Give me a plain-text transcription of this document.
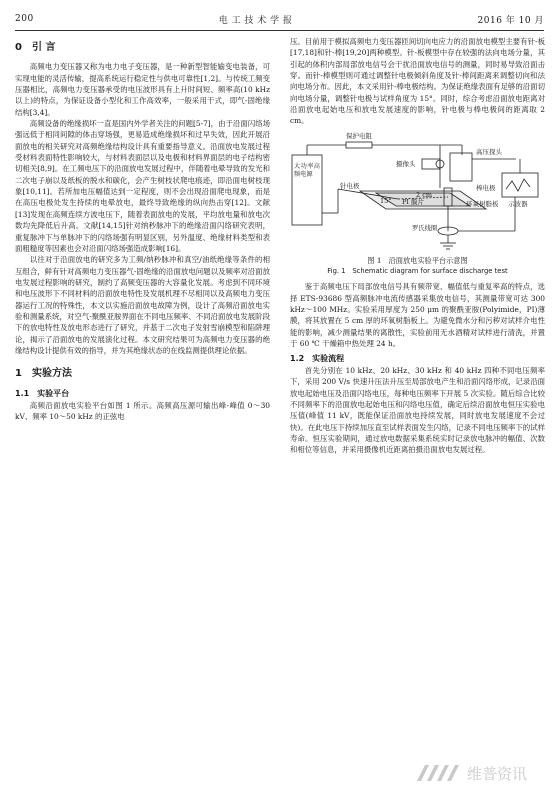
200	电 工 技 术 学 报	2016 年 10 月
0 引 言

高频电力变压器又称为电力电子变压器，是一种新型智能输变电装备，可实现电能的灵活传输，提高系统运行稳定性与供电可靠性[1,2]。与传统工频变压器相比，高频电力变压器承受的电压波形具有上升时间短、频率高(10 kHz 以上)的特点，为保证设备小型化和工作高效率，一般采用干式，即气-固绝缘结构[3,4]。

高频设备的绝缘损坏一直是国内外学者关注的问题[5-7]，由于沿面闪络场强远低于相同间隙的体击穿场强，更易造成绝缘损坏和过早失效，因此开展沿面放电的相关研究对高频绝缘结构设计具有重要指导意义。沿面放电发展过程受材料表面特性影响较大，与材料表面层以及电极和材料界面层的电子结构密切相关[8,9]。在工频电压下的沿面放电发展过程中，伴随着电晕导致的发光和二次电子崩以及纸板的脱水和碳化，会产生树枝状爬电痕迹，即沿面电树枝现象[10,11]。若所加电压幅值达到一定程度，则不会出现沿面爬电现象，而是在高压电极处发生持续的电晕放电，最终导致绝缘的纵向热击穿[12]。文献[13]发现在高频连续方波电压下，随着表面放电的发展，平均放电量和放电次数均先降低后升高。文献[14,15]针对纳秒脉冲下的绝缘沿面闪络研究表明，重复脉冲下与单脉冲下的闪络场强有明显区别，另外温度、绝缘材料类型和表面粗糙度等因素也会对沿面闪络场强造成影响[16]。

以往对于沿面放电的研究多为工频/纳秒脉冲和真空/油纸绝缘等条件的相互组合，鲜有针对高频电力变压器气-固绝缘的沿面放电问题以及频率对沿面放电发展过程影响的研究，制约了高频变压器的大容量化发展。考虑到不同环境和电压波形下不同材料的沿面放电特性及发展机理不尽相同以及高频电力变压器运行工况的特殊性，本文以实施沿面放电故障为例，设计了高频沿面放电实验和测量系统，对空气-聚酰亚胺界面在不同电压频率、不同沿面放电发展阶段下的放电特性及放电形态进行了研究，并基于二次电子发射雪崩模型和陷阱理论，揭示了沿面放电的发展演化过程。本文研究结果可为高频电力变压器的绝缘结构设计提供有效的指导，并为其绝缘状态的在线监测提供理论依据。

1 实验方法
1.1 实验平台

高频沿面放电实验平台如图 1 所示。高频高压源可输出峰-峰值 0～30 kV、频率 10～50 kHz 的正弦电

压。目前用于模拟高频电力变压器匝间切向电应力的沿面放电模型主要有针-板[17,18]和针-棒[19,20]两种模型。针-板模型中存在较强的法向电场分量，其引起的体积内部局部放电信号会干扰沿面放电信号的测量，同时易导致沿面击穿。而针-棒模型则可通过调整针电极倾斜角度及针-棒间距离来调整切向和法向电场分布。因此，本文采用针-棒电极结构。为保证绝缘表面有足够的沿面切向电场分量，调整针电极与试样角度为 15°。同时，综合考虑沿面放电距离对沿面放电起始电压和放电发展速度的影响，针电极与棒电极间的距离取 2 cm。

保护电阻
高压探头
大功率高频电源
摄像头
棒电极
针电极
2 cm
15° PI 膜片	环氧树脂板 示波器
罗氏线圈
图 1　沿面放电实验平台示意图
Fig. 1　Schematic diagram for surface discharge test

鉴于高频电压下局部放电信号具有频带宽、幅值低与重复率高的特点，选择 ETS-93686 型高频脉冲电流传感器采集放电信号，其测量带宽可达 300 kHz～100 MHz。实验采用厚度为 250 μm 的聚酰亚胺(Polyimide，PI)薄膜，将其放置在 5 cm 厚的环氧树脂板上。为避免微水分和污秽对试样介电性能的影响，减少测量结果的离散性，实验前用无水酒精对试样进行清洗，并置于 60 ℃ 干燥箱中热处理 24 h。

1.2 实验流程

首先分别在 10 kHz、20 kHz、30 kHz 和 40 kHz 四种不同电压频率下，采用 200 V/s 快速升压法升压至局部放电产生和沿面闪络形成，记录沿面放电起始电压及沿面闪络电压，每种电压频率下开展 5 次实验。随后综合比较不同频率下的沿面放电起始电压和闪络电压值，确定后续沿面放电恒压实验电压值(峰值 11 kV，既能保证沿面放电持续发展，同时放电发展速度不会过快)。在此电压下持续加压直至试样表面发生闪络，记录不同电压频率下的试样寿命。恒压实验期间，通过放电数据采集系统实时记录放电脉冲的幅值、次数和相位等信息，并采用摄像机近距离拍摄沿面放电发展过程。

维普资讯
